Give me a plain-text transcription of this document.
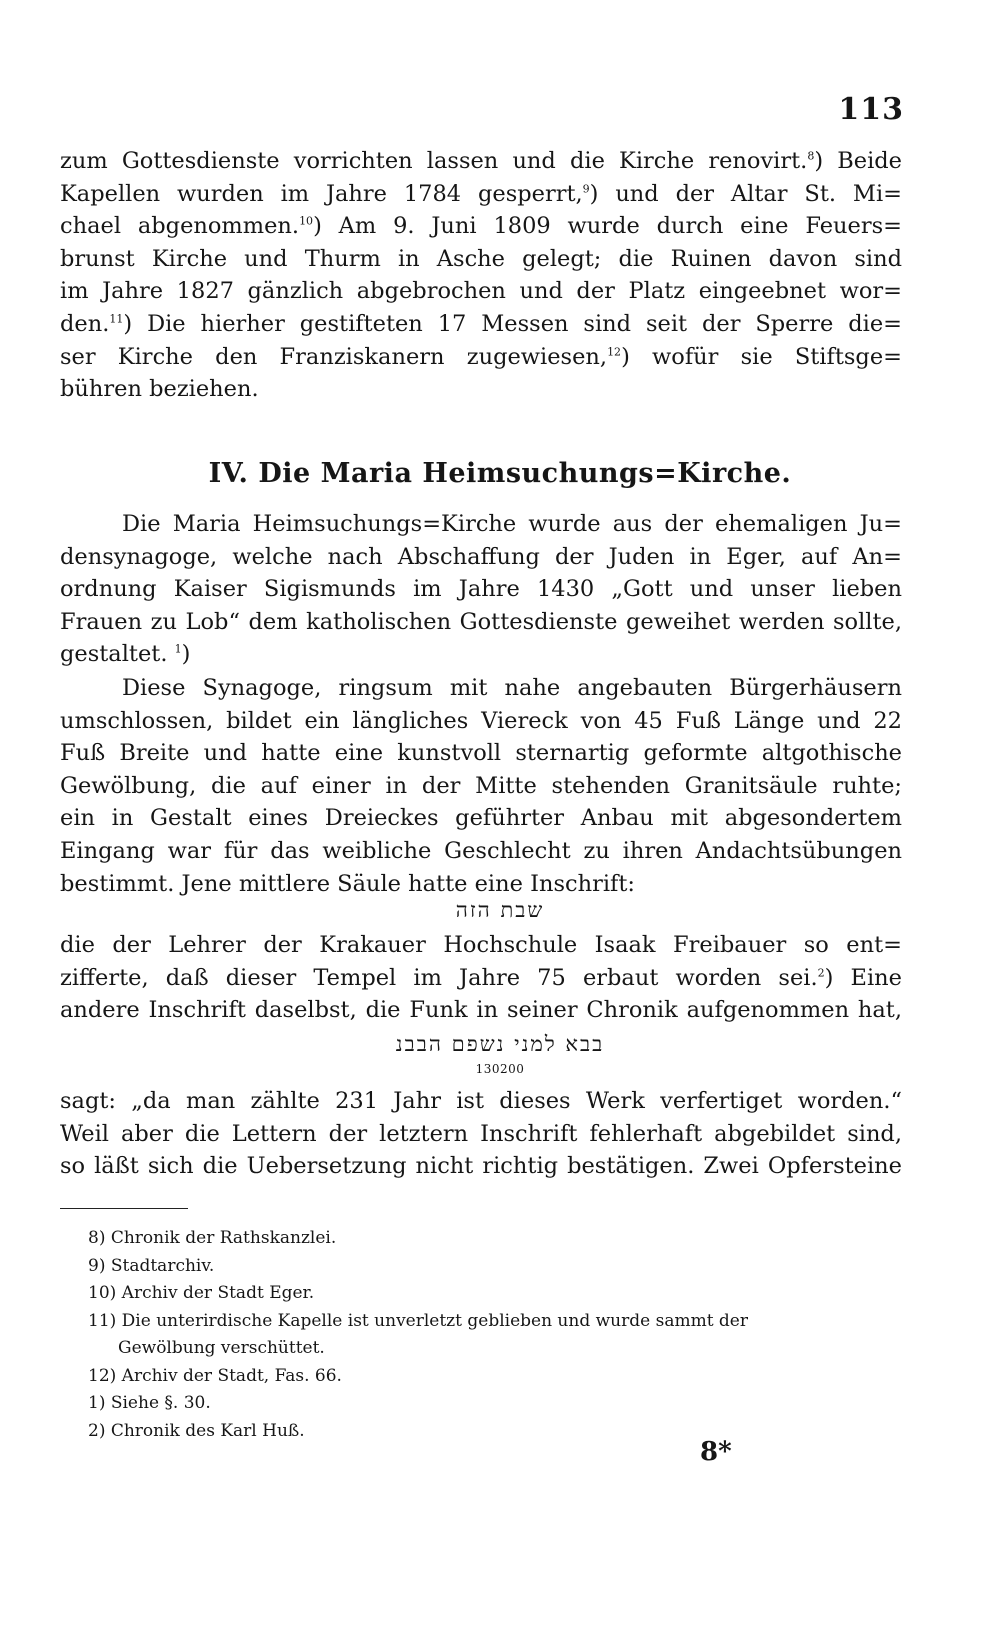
113
zum Gottesdienste vorrichten lassen und die Kirche renovirt.$^8$) Beide
Kapellen wurden im Jahre 1784 gesperrt,$^9$) und der Altar St. Mi=
chael abgenommen.$^{10}$) Am 9. Juni 1809 wurde durch eine Feuers=
brunst Kirche und Thurm in Asche gelegt; die Ruinen davon sind
im Jahre 1827 gänzlich abgebrochen und der Platz eingeebnet wor=
den.$^{11}$) Die hierher gestifteten 17 Messen sind seit der Sperre die=
ser Kirche den Franziskanern zugewiesen,$^{12}$) wofür sie Stiftsge=
bühren beziehen.
IV. Die Maria Heimsuchungs=Kirche.
Die Maria Heimsuchungs=Kirche wurde aus der ehemaligen Ju=
densynagoge, welche nach Abschaffung der Juden in Eger, auf An=
ordnung Kaiser Sigismunds im Jahre 1430 „Gott und unser lieben
Frauen zu Lob“ dem katholischen Gottesdienste geweihet werden sollte,
gestaltet. $^1$)
Diese Synagoge, ringsum mit nahe angebauten Bürgerhäusern
umschlossen, bildet ein längliches Viereck von 45 Fuß Länge und 22
Fuß Breite und hatte eine kunstvoll sternartig geformte altgothische
Gewölbung, die auf einer in der Mitte stehenden Granitsäule ruhte;
ein in Gestalt eines Dreieckes geführter Anbau mit abgesondertem
Eingang war für das weibliche Geschlecht zu ihren Andachtsübungen
bestimmt. Jene mittlere Säule hatte eine Inschrift:
שבת הזה
die der Lehrer der Krakauer Hochschule Isaak Freibauer so ent=
zifferte, daß dieser Tempel im Jahre 75 erbaut worden sei.$^2$) Eine
andere Inschrift daselbst, die Funk in seiner Chronik aufgenommen hat,
בבא למני נשפם הבבנ
130200
sagt: „da man zählte 231 Jahr ist dieses Werk verfertiget worden.“
Weil aber die Lettern der letztern Inschrift fehlerhaft abgebildet sind,
so läßt sich die Uebersetzung nicht richtig bestätigen. Zwei Opfersteine
8) Chronik der Rathskanzlei.
9) Stadtarchiv.
10) Archiv der Stadt Eger.
11) Die unterirdische Kapelle ist unverletzt geblieben und wurde sammt der
Gewölbung verschüttet.
12) Archiv der Stadt, Fas. 66.
1) Siehe §. 30.
2) Chronik des Karl Huß.
8*
